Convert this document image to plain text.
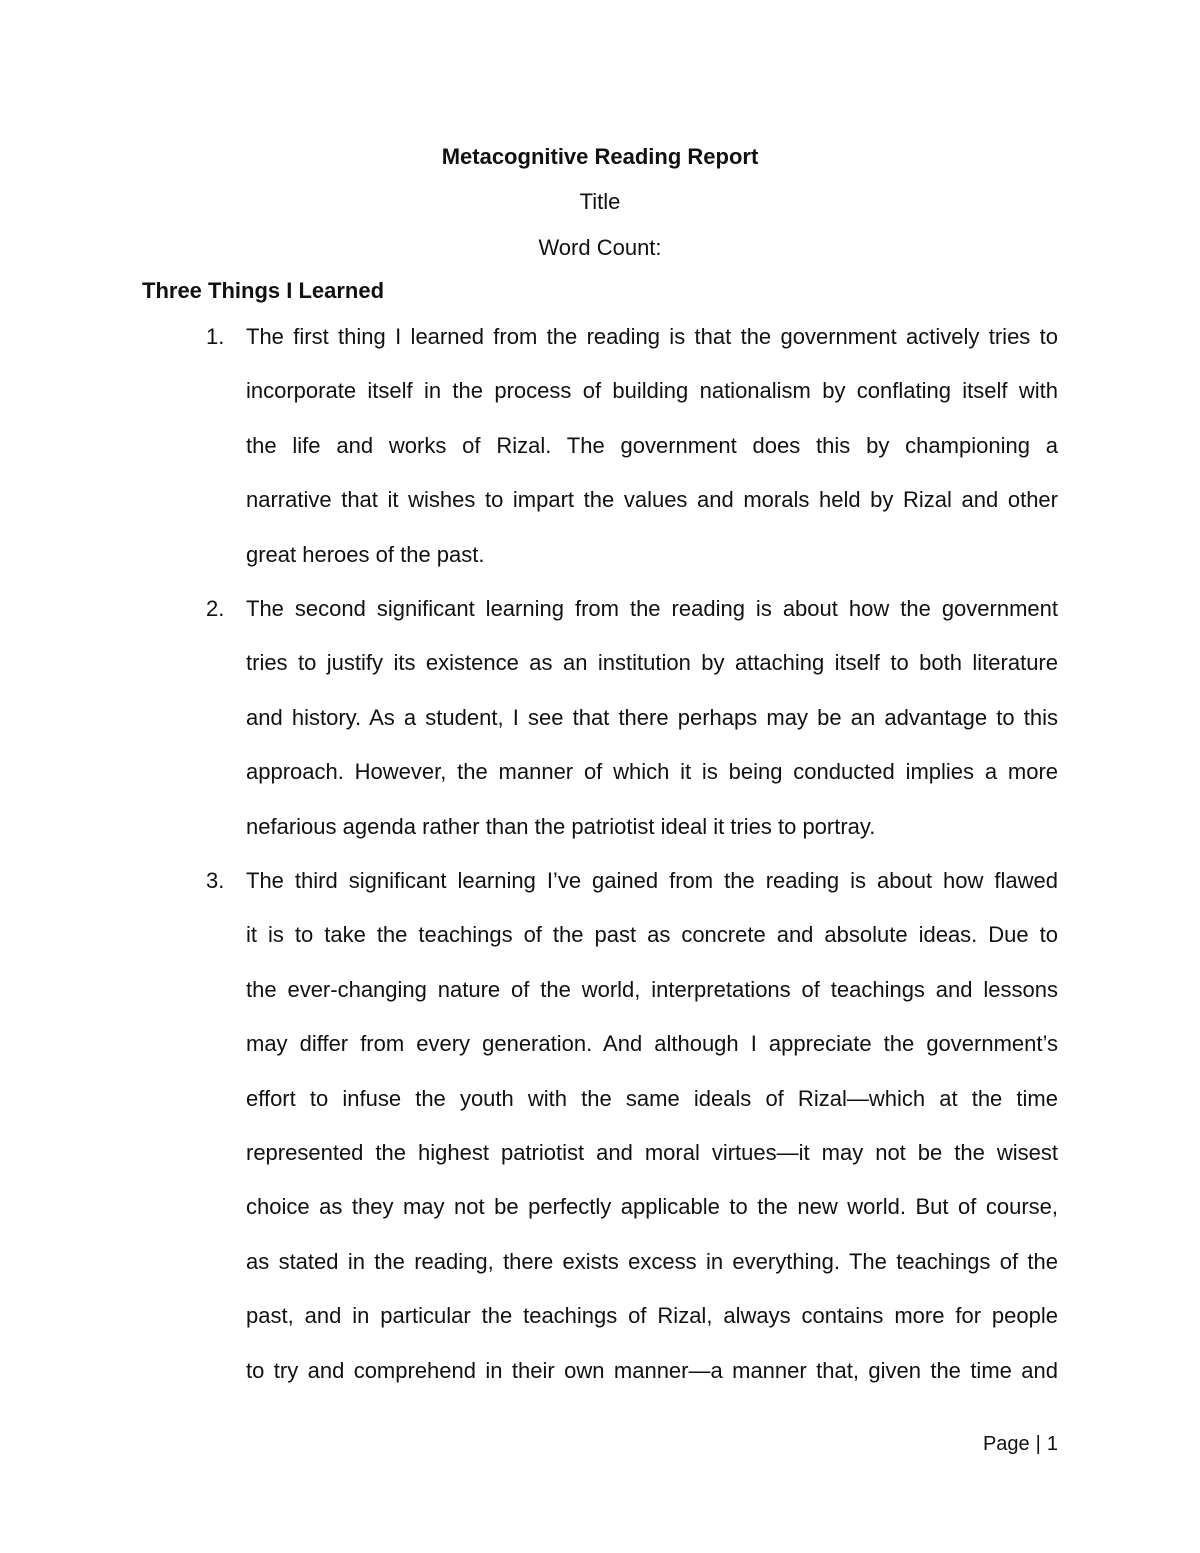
Metacognitive Reading Report
Title
Word Count:
Three Things I Learned
1. The first thing I learned from the reading is that the government actively tries to
incorporate itself in the process of building nationalism by conflating itself with
the life and works of Rizal. The government does this by championing a
narrative that it wishes to impart the values and morals held by Rizal and other
great heroes of the past.
2. The second significant learning from the reading is about how the government
tries to justify its existence as an institution by attaching itself to both literature
and history. As a student, I see that there perhaps may be an advantage to this
approach. However, the manner of which it is being conducted implies a more
nefarious agenda rather than the patriotist ideal it tries to portray.
3. The third significant learning I’ve gained from the reading is about how flawed
it is to take the teachings of the past as concrete and absolute ideas. Due to
the ever-changing nature of the world, interpretations of teachings and lessons
may differ from every generation. And although I appreciate the government’s
effort to infuse the youth with the same ideals of Rizal—which at the time
represented the highest patriotist and moral virtues—it may not be the wisest
choice as they may not be perfectly applicable to the new world. But of course,
as stated in the reading, there exists excess in everything. The teachings of the
past, and in particular the teachings of Rizal, always contains more for people
to try and comprehend in their own manner—a manner that, given the time and
Page | 1
